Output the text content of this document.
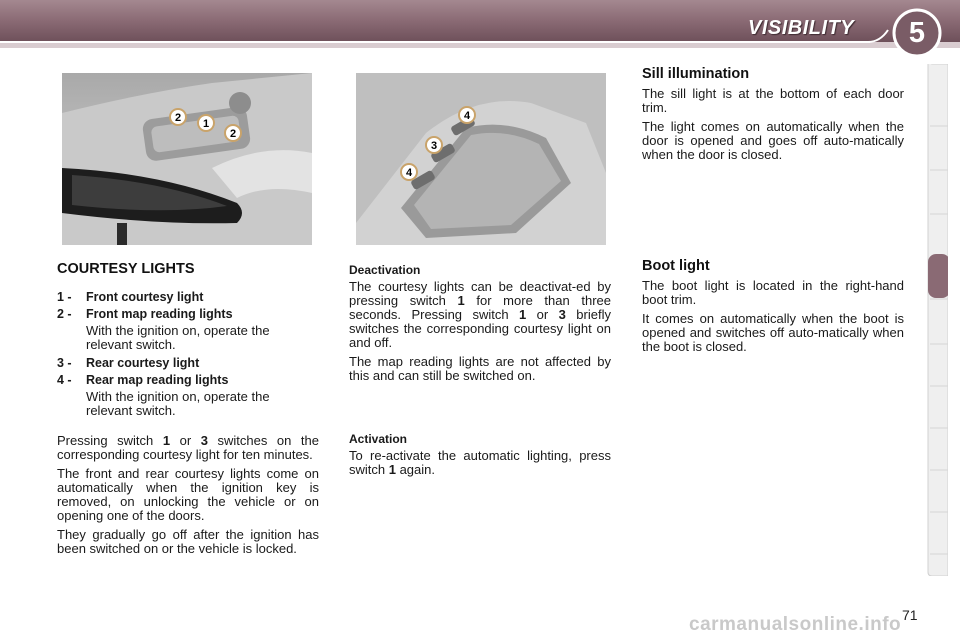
VISIBILITY	5
2 1
2
4
3
4
COURTESY LIGHTS
1 -	Front courtesy light
2 -	Front map reading lights

With the ignition on, operate the relevant switch.

3 -	Rear courtesy light
4 -	Rear map reading lights

With the ignition on, operate the relevant switch.

Pressing switch 1 or 3 switches on the corresponding courtesy light for ten minutes.

The front and rear courtesy lights come on automatically when the ignition key is removed, on unlocking the vehicle or on opening one of the doors.

They gradually go off after the ignition has been switched on or the vehicle is locked.

Deactivation

The courtesy lights can be deactivat-ed by pressing switch 1 for more than three seconds. Pressing switch 1 or 3 briefly switches the corresponding courtesy light on and off.

The map reading lights are not affected by this and can still be switched on.

Activation

To re-activate the automatic lighting, press switch 1 again.

Sill illumination

The sill light is at the bottom of each door trim.

The light comes on automatically when the door is opened and goes off auto-matically when the door is closed.

Boot light

The boot light is located in the right-hand boot trim.

It comes on automatically when the boot is opened and switches off auto-matically when the boot is closed.

71
carmanualsonline.info
